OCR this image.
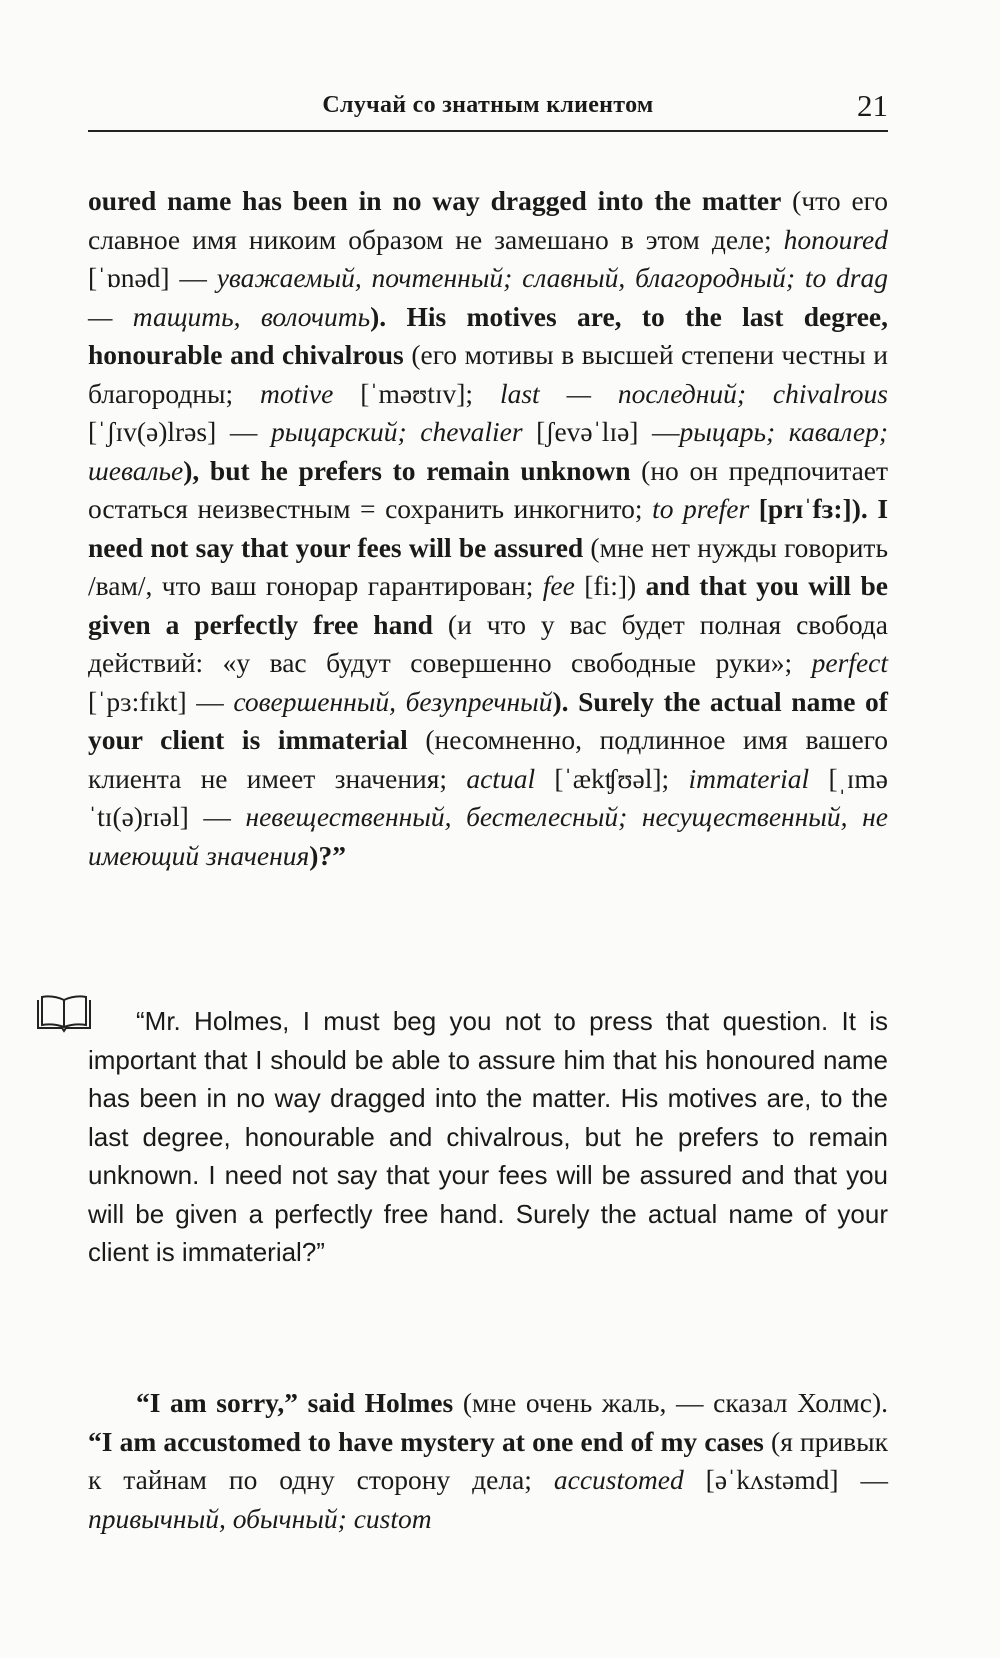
Случай со знатным клиентом	21

oured name has been in no way dragged into the matter (что его славное имя никоим образом не замешано в этом деле; honoured [ˈɒnəd] — уважаемый, почтенный; славный, благородный; to drag — тащить, волочить). His motives are, to the last degree, honourable and chivalrous (его мотивы в высшей степени честны и благородны; motive [ˈməʊtɪv]; last — последний; chivalrous [ˈʃɪv(ə)lrəs] — рыцарский; chevalier [ʃevəˈlɪə] —рыцарь; кавалер; шевалье), but he prefers to remain unknown (но он предпочитает остаться неизвестным = сохранить инкогнито; to prefer [prɪˈfɜ:]). I need not say that your fees will be assured (мне нет нужды говорить /вам/, что ваш гонорар гарантирован; fee [fi:]) and that you will be given a perfectly free hand (и что у вас будет полная свобода действий: «у вас будут совершенно свободные руки»; perfect [ˈpɜ:fɪkt] — совершенный, безупречный). Surely the actual name of your client is immaterial (несомненно, подлинное имя вашего клиента не имеет значения; actual [ˈækʧʊəl]; immaterial [ˌɪməˈtɪ(ə)rɪəl] — невещественный, бестелесный; несущественный, не имеющий значения)?”

“Mr. Holmes, I must beg you not to press that question. It is important that I should be able to assure him that his honoured name has been in no way dragged into the matter. His motives are, to the last degree, honourable and chivalrous, but he prefers to remain unknown. I need not say that your fees will be assured and that you will be given a perfectly free hand. Surely the actual name of your client is immaterial?”

“I am sorry,” said Holmes (мне очень жаль, — сказал Холмс). “I am accustomed to have mystery at one end of my cases (я привык к тайнам по одну сторону дела; accustomed [əˈkʌstəmd] — привычный, обычный; custom
